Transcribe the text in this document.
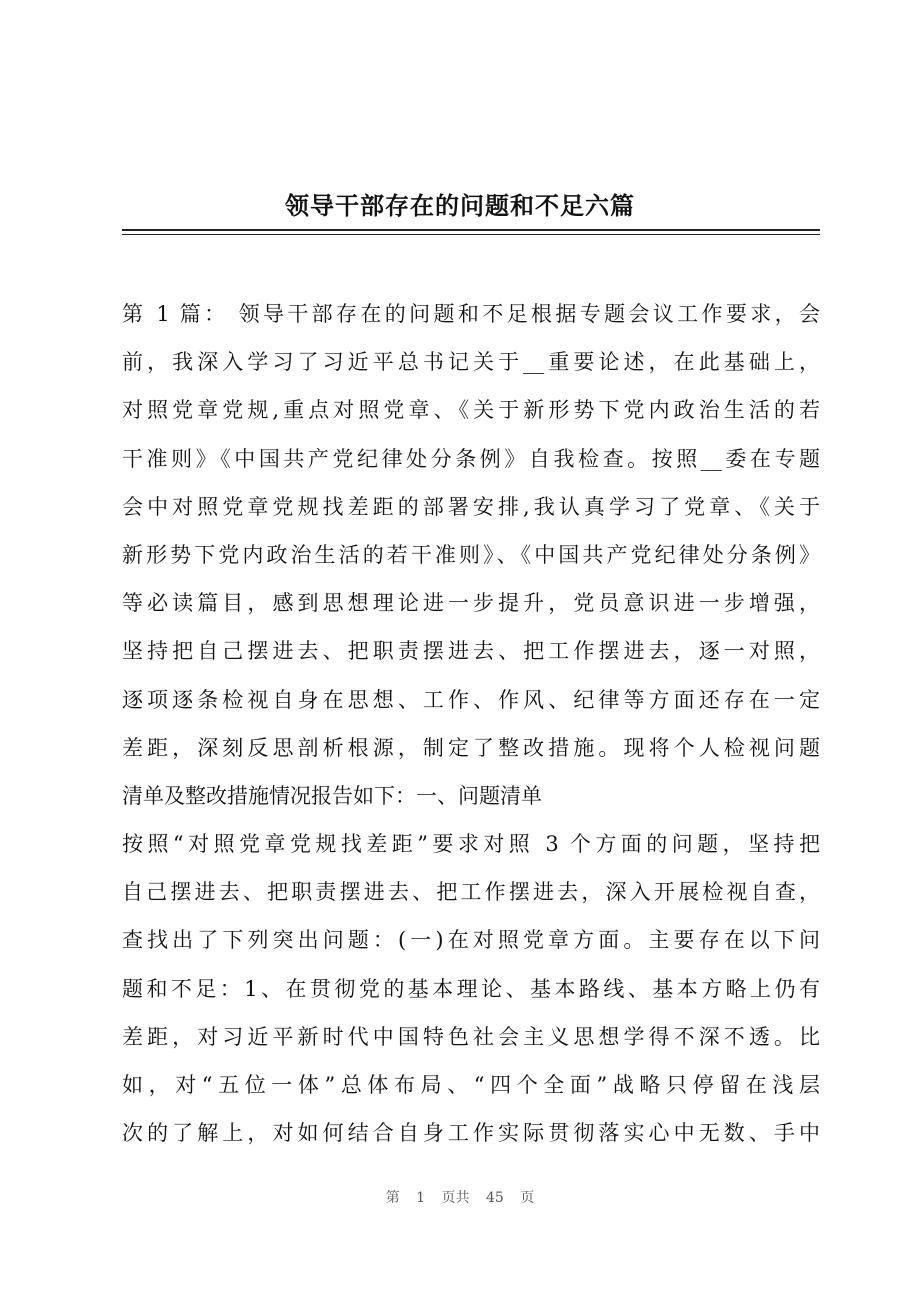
领导干部存在的问题和不足六篇
第 1 篇： 领导干部存在的问题和不足根据专题会议工作要求，会
前，我深入学习了习近平总书记关于__重要论述，在此基础上，
对照党章党规,重点对照党章、《关于新形势下党内政治生活的若
干准则》《中国共产党纪律处分条例》自我检查。按照__委在专题
会中对照党章党规找差距的部署安排,我认真学习了党章、《关于
新形势下党内政治生活的若干准则》、《中国共产党纪律处分条例》
等必读篇目，感到思想理论进一步提升，党员意识进一步增强，
坚持把自己摆进去、把职责摆进去、把工作摆进去，逐一对照，
逐项逐条检视自身在思想、工作、作风、纪律等方面还存在一定
差距，深刻反思剖析根源，制定了整改措施。现将个人检视问题
清单及整改措施情况报告如下：一、问题清单
按照“对照党章党规找差距”要求对照 3 个方面的问题，坚持把
自己摆进去、把职责摆进去、把工作摆进去，深入开展检视自查，
查找出了下列突出问题：(一)在对照党章方面。主要存在以下问
题和不足：1、在贯彻党的基本理论、基本路线、基本方略上仍有
差距，对习近平新时代中国特色社会主义思想学得不深不透。比
如，对“五位一体”总体布局、“四个全面”战略只停留在浅层
次的了解上，对如何结合自身工作实际贯彻落实心中无数、手中
第 1 页共 45 页
